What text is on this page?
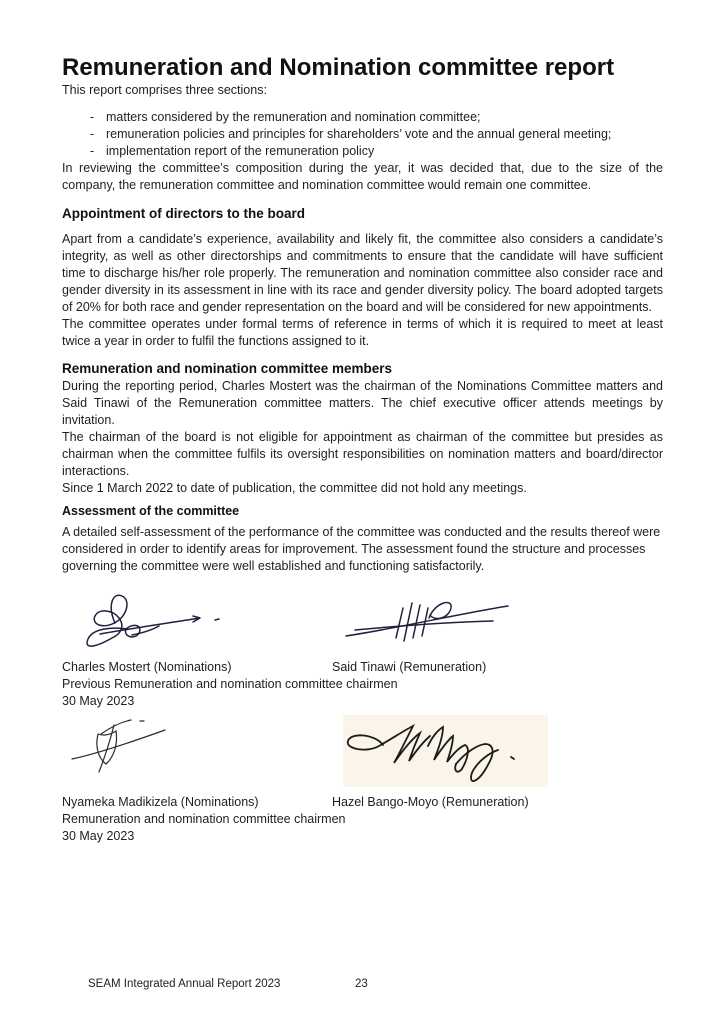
Remuneration and Nomination committee report

This report comprises three sections:

- matters considered by the remuneration and nomination committee;
- remuneration policies and principles for shareholders’ vote and the annual general meeting;
- implementation report of the remuneration policy

In reviewing the committee’s composition during the year, it was decided that, due to the size of the company, the remuneration committee and nomination committee would remain one committee.

Appointment of directors to the board

Apart from a candidate’s experience, availability and likely fit, the committee also considers a candidate’s integrity, as well as other directorships and commitments to ensure that the candidate will have sufficient time to discharge his/her role properly. The remuneration and nomination committee also consider race and gender diversity in its assessment in line with its race and gender diversity policy. The board adopted targets of 20% for both race and gender representation on the board and will be considered for new appointments.

The committee operates under formal terms of reference in terms of which it is required to meet at least twice a year in order to fulfil the functions assigned to it.

Remuneration and nomination committee members

During the reporting period, Charles Mostert was the chairman of the Nominations Committee matters and Said Tinawi of the Remuneration committee matters. The chief executive officer attends meetings by invitation.

The chairman of the board is not eligible for appointment as chairman of the committee but presides as chairman when the committee fulfils its oversight responsibilities on nomination matters and board/director interactions.

Since 1 March 2022 to date of publication, the committee did not hold any meetings.

Assessment of the committee

A detailed self-assessment of the performance of the committee was conducted and the results thereof were considered in order to identify areas for improvement. The assessment found the structure and processes governing the committee were well established and functioning satisfactorily.

Charles Mostert (Nominations)	Said Tinawi (Remuneration)

Previous Remuneration and nomination committee chairmen

30 May 2023

Nyameka Madikizela (Nominations)	Hazel Bango-Moyo (Remuneration)

Remuneration and nomination committee chairmen

30 May 2023

SEAM Integrated Annual Report 2023	23
